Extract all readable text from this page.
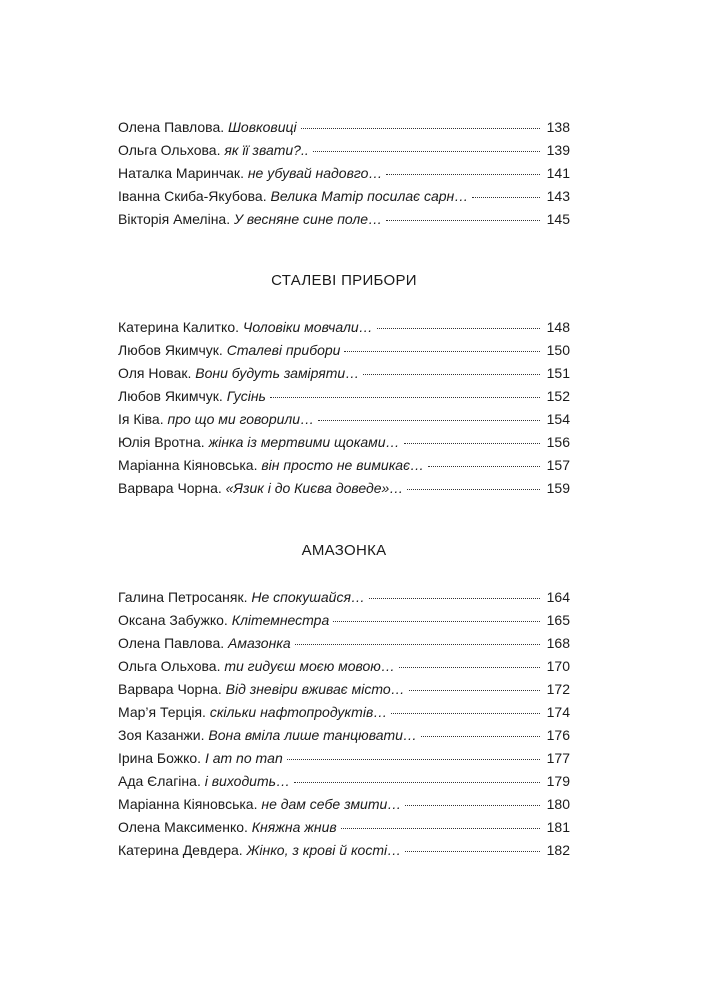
Олена Павлова . Шовковиці	138
Ольга Ольхова . як її звати?..	139
Наталка Маринчак . не убувай надовго…	141
Іванна Скиба-Якубова . Велика Матір посилає сарн…	143
Вікторія Амеліна . У весняне сине поле…	145
СТАЛЕВІ ПРИБОРИ
Катерина Калитко . Чоловіки мовчали…	148
Любов Якимчук . Сталеві прибори	150
Оля Новак . Вони будуть заміряти…	151
Любов Якимчук . Гусінь	152
Ія Ківа . про що ми говорили…	154
Юлія Вротна . жінка із мертвими щоками…	156
Маріанна Кіяновська . він просто не вимикає…	157
Варвара Чорна . «Язик і до Києва доведе»…	159
АМАЗОНКА
Галина Петросаняк . Не спокушайся…	164
Оксана Забужко . Клітемнестра	165
Олена Павлова . Амазонка	168
Ольга Ольхова . ти гидуєш моєю мовою…	170
Варвара Чорна . Від зневіри вживає місто…	172
Мар’я Терція . скільки нафтопродуктів…	174
Зоя Казанжи . Вона вміла лише танцювати…	176
Ірина Божко . I am no man	177
Ада Єлагіна . і виходить…	179
Маріанна Кіяновська . не дам себе змити…	180
Олена Максименко . Княжна жнив	181
Катерина Девдера . Жінко, з крові й кості…	182
